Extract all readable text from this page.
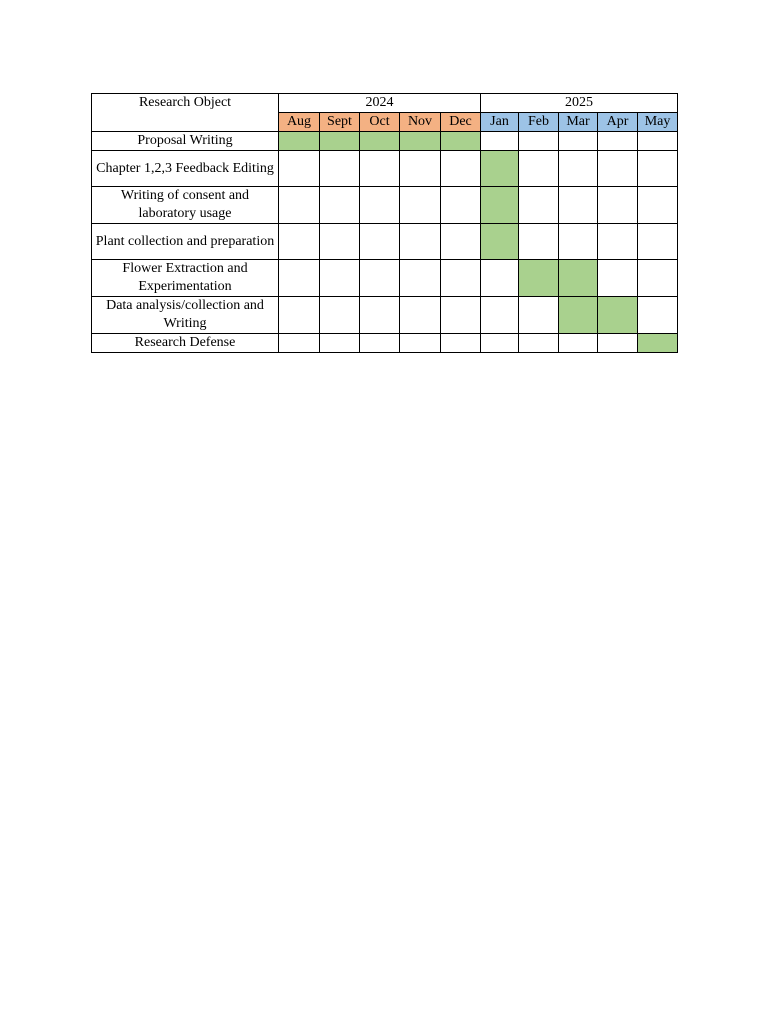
Research Object	2024					2025				
	Aug	Sept	Oct	Nov	Dec	Jan	Feb	Mar	Apr	May
Proposal Writing										
Chapter 1,2,3 Feedback Editing										
Writing of consent and laboratory usage										
Plant collection and preparation										
Flower Extraction and Experimentation										
Data analysis/collection and Writing										
Research Defense										
